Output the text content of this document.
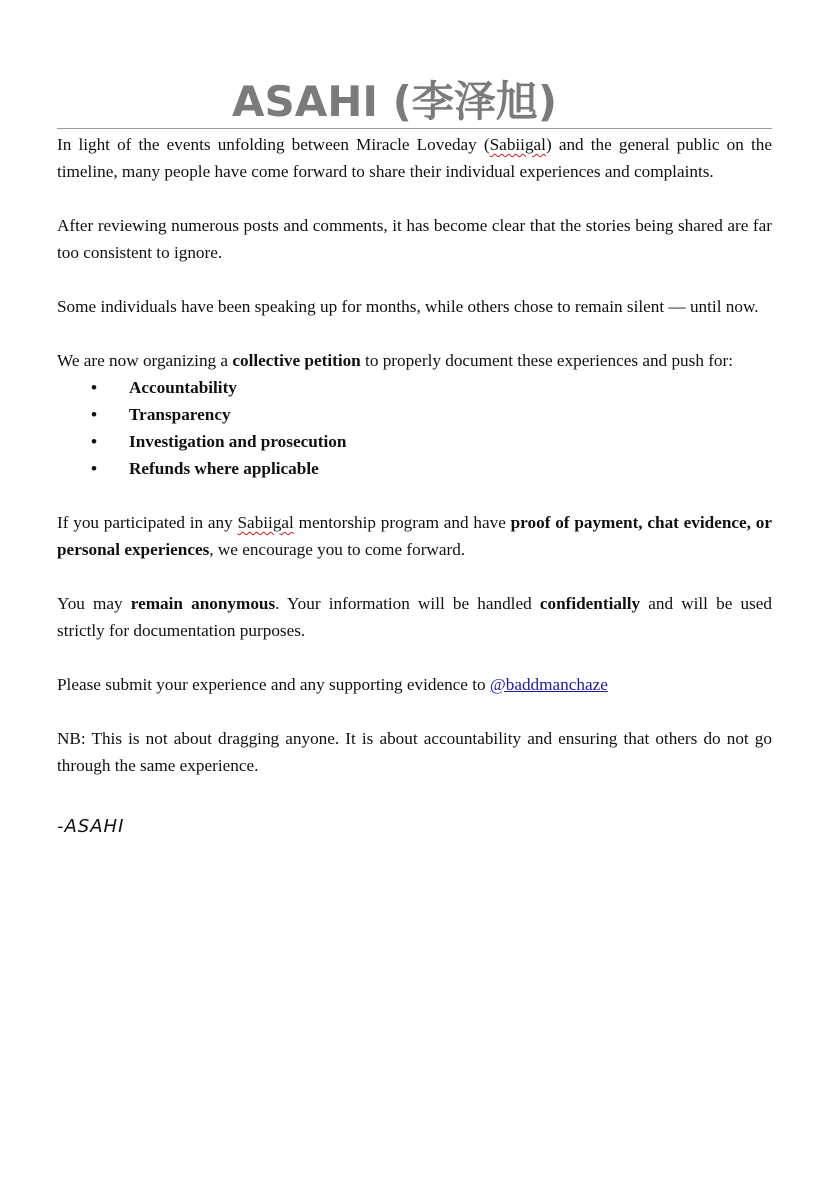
ASAHI (李泽旭)

In light of the events unfolding between Miracle Loveday (Sabiigal) and the general public on the timeline, many people have come forward to share their individual experiences and complaints.

After reviewing numerous posts and comments, it has become clear that the stories being shared are far too consistent to ignore.

Some individuals have been speaking up for months, while others chose to remain silent — until now.

We are now organizing a collective petition to properly document these experiences and push for:

• Accountability
• Transparency
• Investigation and prosecution
• Refunds where applicable

If you participated in any Sabiigal mentorship program and have proof of payment, chat evidence, or personal experiences, we encourage you to come forward.

You may remain anonymous. Your information will be handled confidentially and will be used strictly for documentation purposes.

Please submit your experience and any supporting evidence to @baddmanchaze

NB: This is not about dragging anyone. It is about accountability and ensuring that others do not go through the same experience.

-ASAHI
